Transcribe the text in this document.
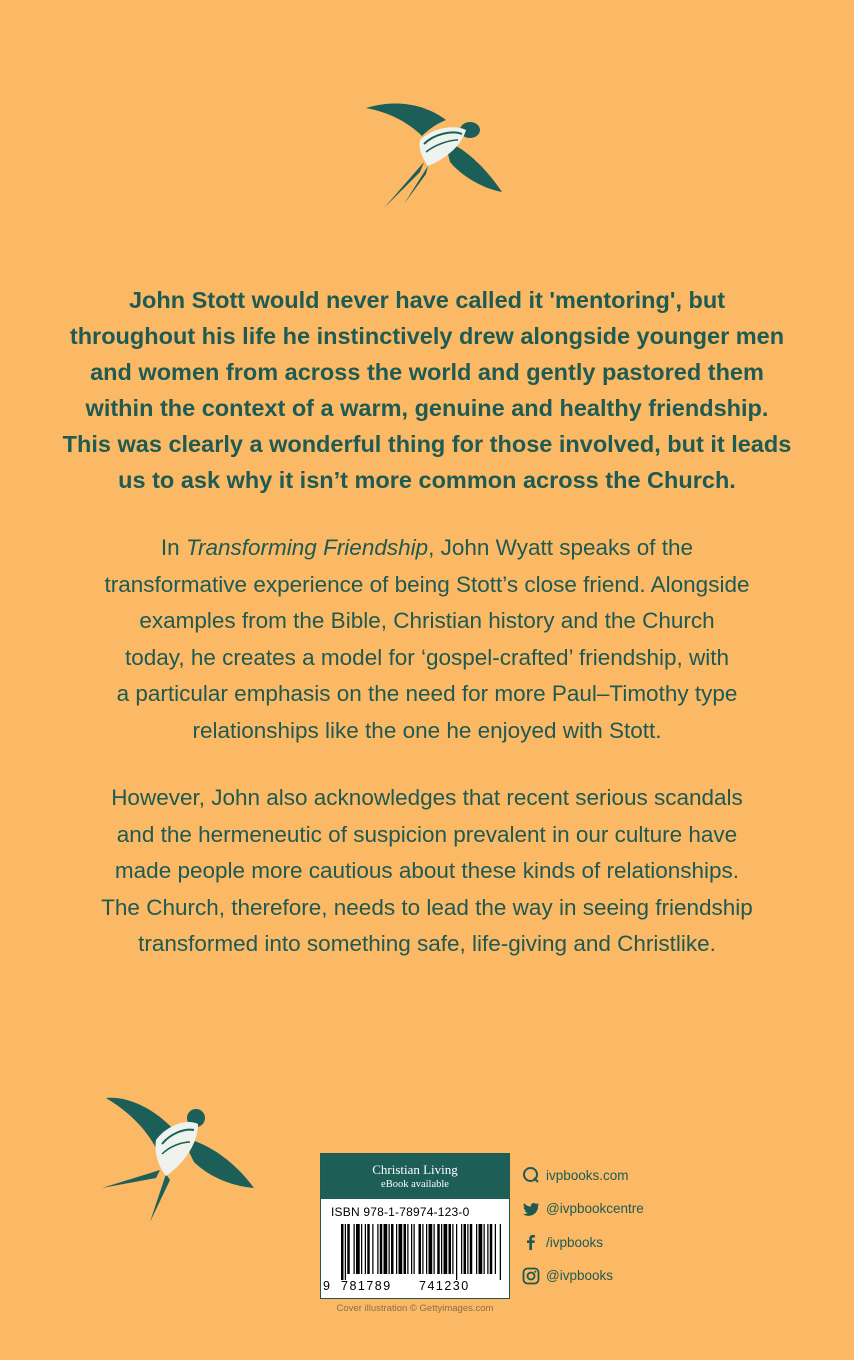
John Stott would never have called it 'mentoring', but
throughout his life he instinctively drew alongside younger men
and women from across the world and gently pastored them
within the context of a warm, genuine and healthy friendship.
This was clearly a wonderful thing for those involved, but it leads
us to ask why it isn’t more common across the Church.
In Transforming Friendship, John Wyatt speaks of the
transformative experience of being Stott’s close friend. Alongside
examples from the Bible, Christian history and the Church
today, he creates a model for ‘gospel-crafted’ friendship, with
a particular emphasis on the need for more Paul–Timothy type
relationships like the one he enjoyed with Stott.
However, John also acknowledges that recent serious scandals
and the hermeneutic of suspicion prevalent in our culture have
made people more cautious about these kinds of relationships.
The Church, therefore, needs to lead the way in seeing friendship
transformed into something safe, life-giving and Christlike.
Christian Living
eBook available
ISBN 978-1-78974-123-0
9 781789 741230
Cover illustration © Gettyimages.com
ivpbooks.com
@ivpbookcentre
/ivpbooks
@ivpbooks
